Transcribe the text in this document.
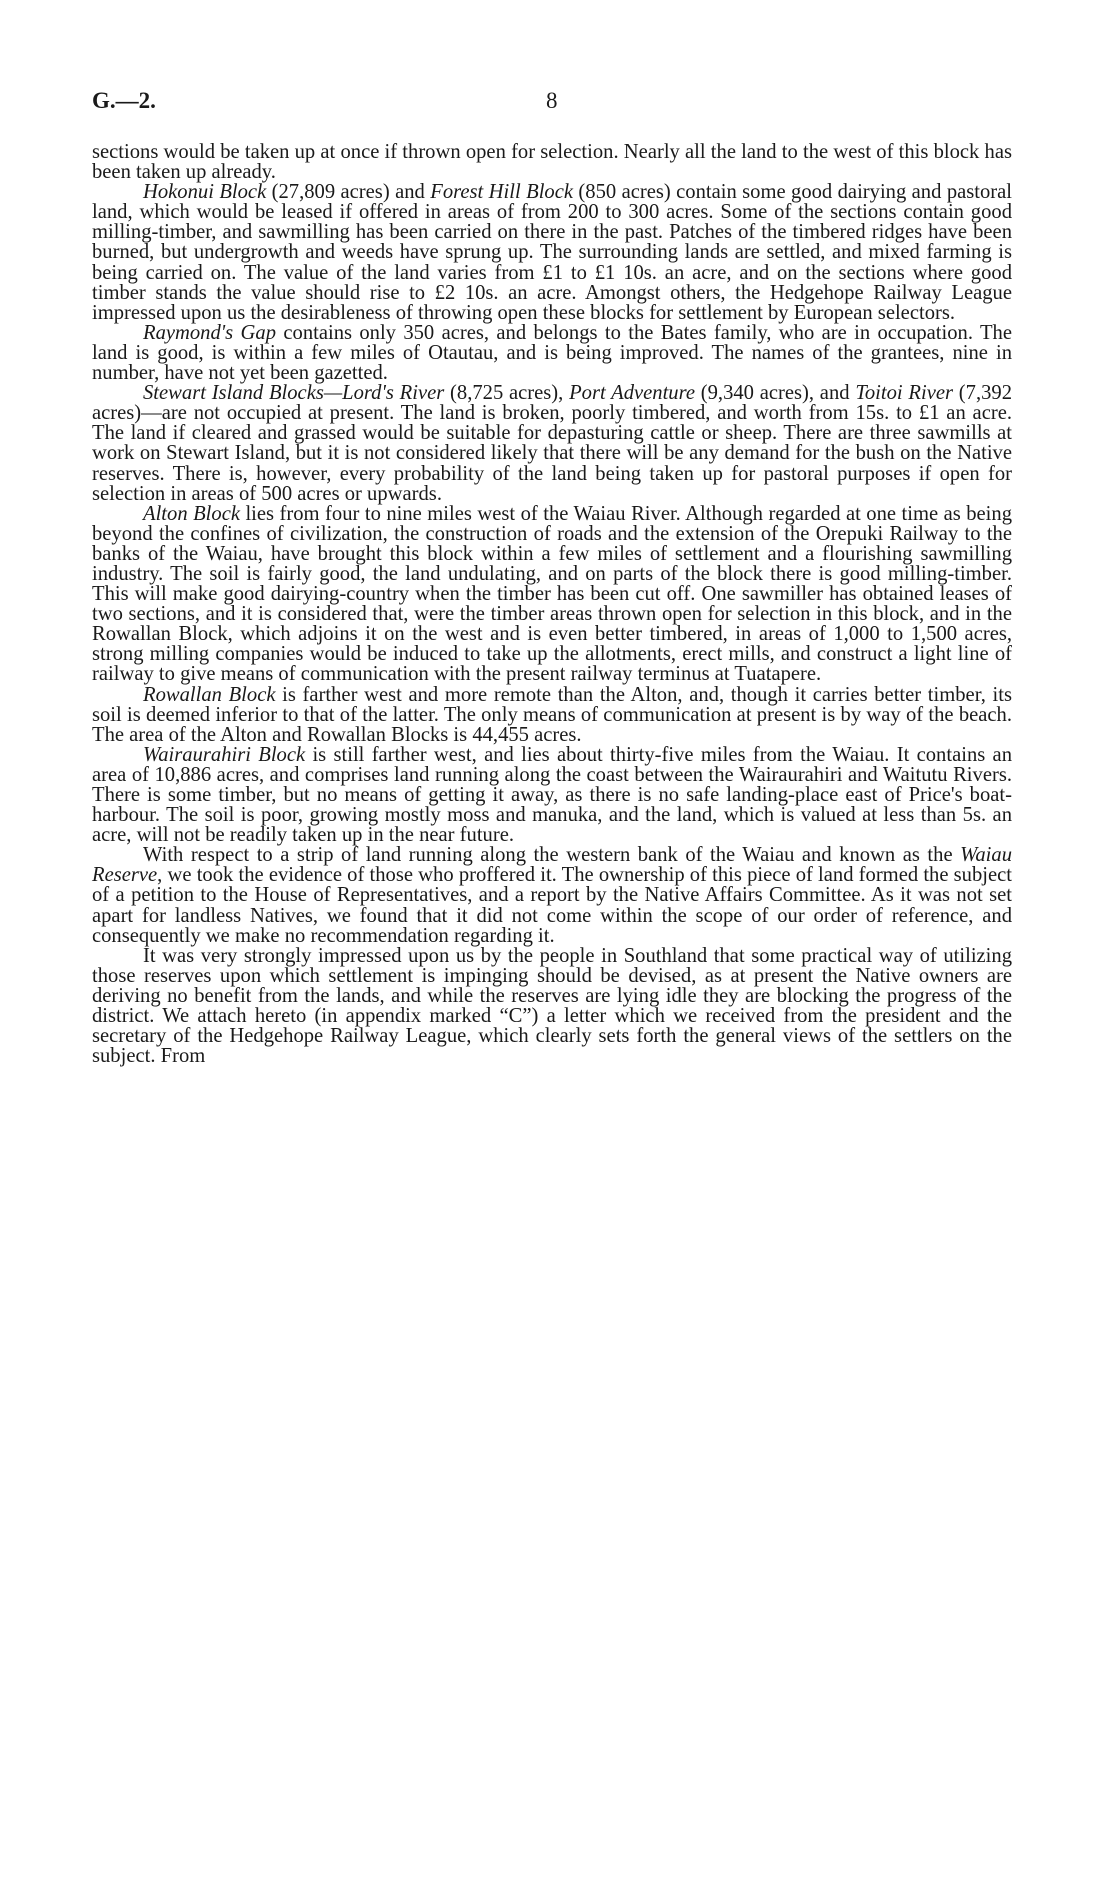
G.—2.	8

sections would be taken up at once if thrown open for selection. Nearly all the land to the west of this block has been taken up already.

Hokonui Block (27,809 acres) and Forest Hill Block (850 acres) contain some good dairying and pastoral land, which would be leased if offered in areas of from 200 to 300 acres. Some of the sections contain good milling-timber, and sawmilling has been carried on there in the past. Patches of the timbered ridges have been burned, but undergrowth and weeds have sprung up. The surrounding lands are settled, and mixed farming is being carried on. The value of the land varies from £1 to £1 10s. an acre, and on the sections where good timber stands the value should rise to £2 10s. an acre. Amongst others, the Hedgehope Railway League impressed upon us the desirableness of throwing open these blocks for settlement by European selectors.

Raymond's Gap contains only 350 acres, and belongs to the Bates family, who are in occupation. The land is good, is within a few miles of Otautau, and is being improved. The names of the grantees, nine in number, have not yet been gazetted.

Stewart Island Blocks—Lord's River (8,725 acres), Port Adventure (9,340 acres), and Toitoi River (7,392 acres)—are not occupied at present. The land is broken, poorly timbered, and worth from 15s. to £1 an acre. The land if cleared and grassed would be suitable for depasturing cattle or sheep. There are three sawmills at work on Stewart Island, but it is not considered likely that there will be any demand for the bush on the Native reserves. There is, however, every probability of the land being taken up for pastoral purposes if open for selection in areas of 500 acres or upwards.

Alton Block lies from four to nine miles west of the Waiau River. Although regarded at one time as being beyond the confines of civilization, the construction of roads and the extension of the Orepuki Railway to the banks of the Waiau, have brought this block within a few miles of settlement and a flourishing sawmilling industry. The soil is fairly good, the land undulating, and on parts of the block there is good milling-timber. This will make good dairying-country when the timber has been cut off. One sawmiller has obtained leases of two sections, and it is considered that, were the timber areas thrown open for selection in this block, and in the Rowallan Block, which adjoins it on the west and is even better timbered, in areas of 1,000 to 1,500 acres, strong milling companies would be induced to take up the allotments, erect mills, and construct a light line of railway to give means of communication with the present railway terminus at Tuatapere.

Rowallan Block is farther west and more remote than the Alton, and, though it carries better timber, its soil is deemed inferior to that of the latter. The only means of communication at present is by way of the beach. The area of the Alton and Rowallan Blocks is 44,455 acres.

Wairaurahiri Block is still farther west, and lies about thirty-five miles from the Waiau. It contains an area of 10,886 acres, and comprises land running along the coast between the Wairaurahiri and Waitutu Rivers. There is some timber, but no means of getting it away, as there is no safe landing-place east of Price's boat-harbour. The soil is poor, growing mostly moss and manuka, and the land, which is valued at less than 5s. an acre, will not be readily taken up in the near future.

With respect to a strip of land running along the western bank of the Waiau and known as the Waiau Reserve, we took the evidence of those who proffered it. The ownership of this piece of land formed the subject of a petition to the House of Representatives, and a report by the Native Affairs Committee. As it was not set apart for landless Natives, we found that it did not come within the scope of our order of reference, and consequently we make no recommendation regarding it.

It was very strongly impressed upon us by the people in Southland that some practical way of utilizing those reserves upon which settlement is impinging should be devised, as at present the Native owners are deriving no benefit from the lands, and while the reserves are lying idle they are blocking the progress of the district. We attach hereto (in appendix marked “C”) a letter which we received from the president and the secretary of the Hedgehope Railway League, which clearly sets forth the general views of the settlers on the subject. From
